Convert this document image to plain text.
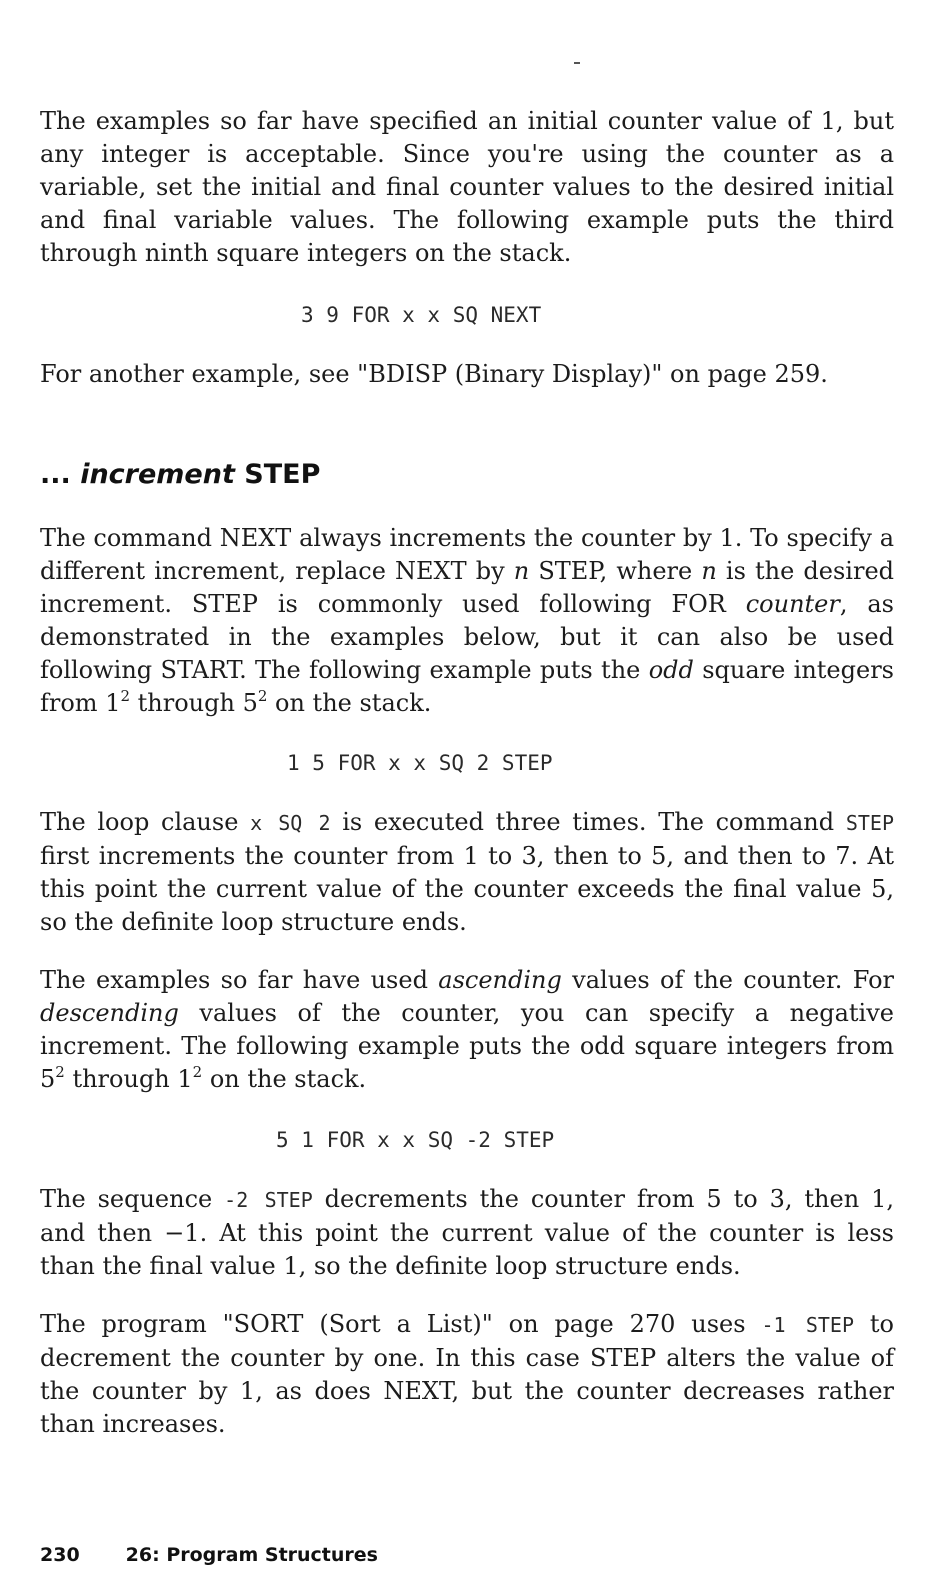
The examples so far have specified an initial counter value of 1, but any integer is acceptable. Since you're using the counter as a variable, set the initial and final counter values to the desired initial and final variable values. The following example puts the third through ninth square integers on the stack.

3 9 FOR x x SQ NEXT

For another example, see "BDISP (Binary Display)" on page 259.

... increment STEP

The command NEXT always increments the counter by 1. To specify a different increment, replace NEXT by n STEP, where n is the desired increment. STEP is commonly used following FOR counter, as demonstrated in the examples below, but it can also be used following START. The following example puts the odd square integers from $1^2$ through $5^2$ on the stack.

1 5 FOR x x SQ 2 STEP

The loop clause x SQ 2 is executed three times. The command STEP first increments the counter from 1 to 3, then to 5, and then to 7. At this point the current value of the counter exceeds the final value 5, so the definite loop structure ends.

The examples so far have used ascending values of the counter. For descending values of the counter, you can specify a negative increment. The following example puts the odd square integers from $5^2$ through $1^2$ on the stack.

5 1 FOR x x SQ -2 STEP

The sequence -2 STEP decrements the counter from 5 to 3, then 1, and then −1. At this point the current value of the counter is less than the final value 1, so the definite loop structure ends.

The program "SORT (Sort a List)" on page 270 uses -1 STEP to decrement the counter by one. In this case STEP alters the value of the counter by 1, as does NEXT, but the counter decreases rather than increases.

230 26: Program Structures
